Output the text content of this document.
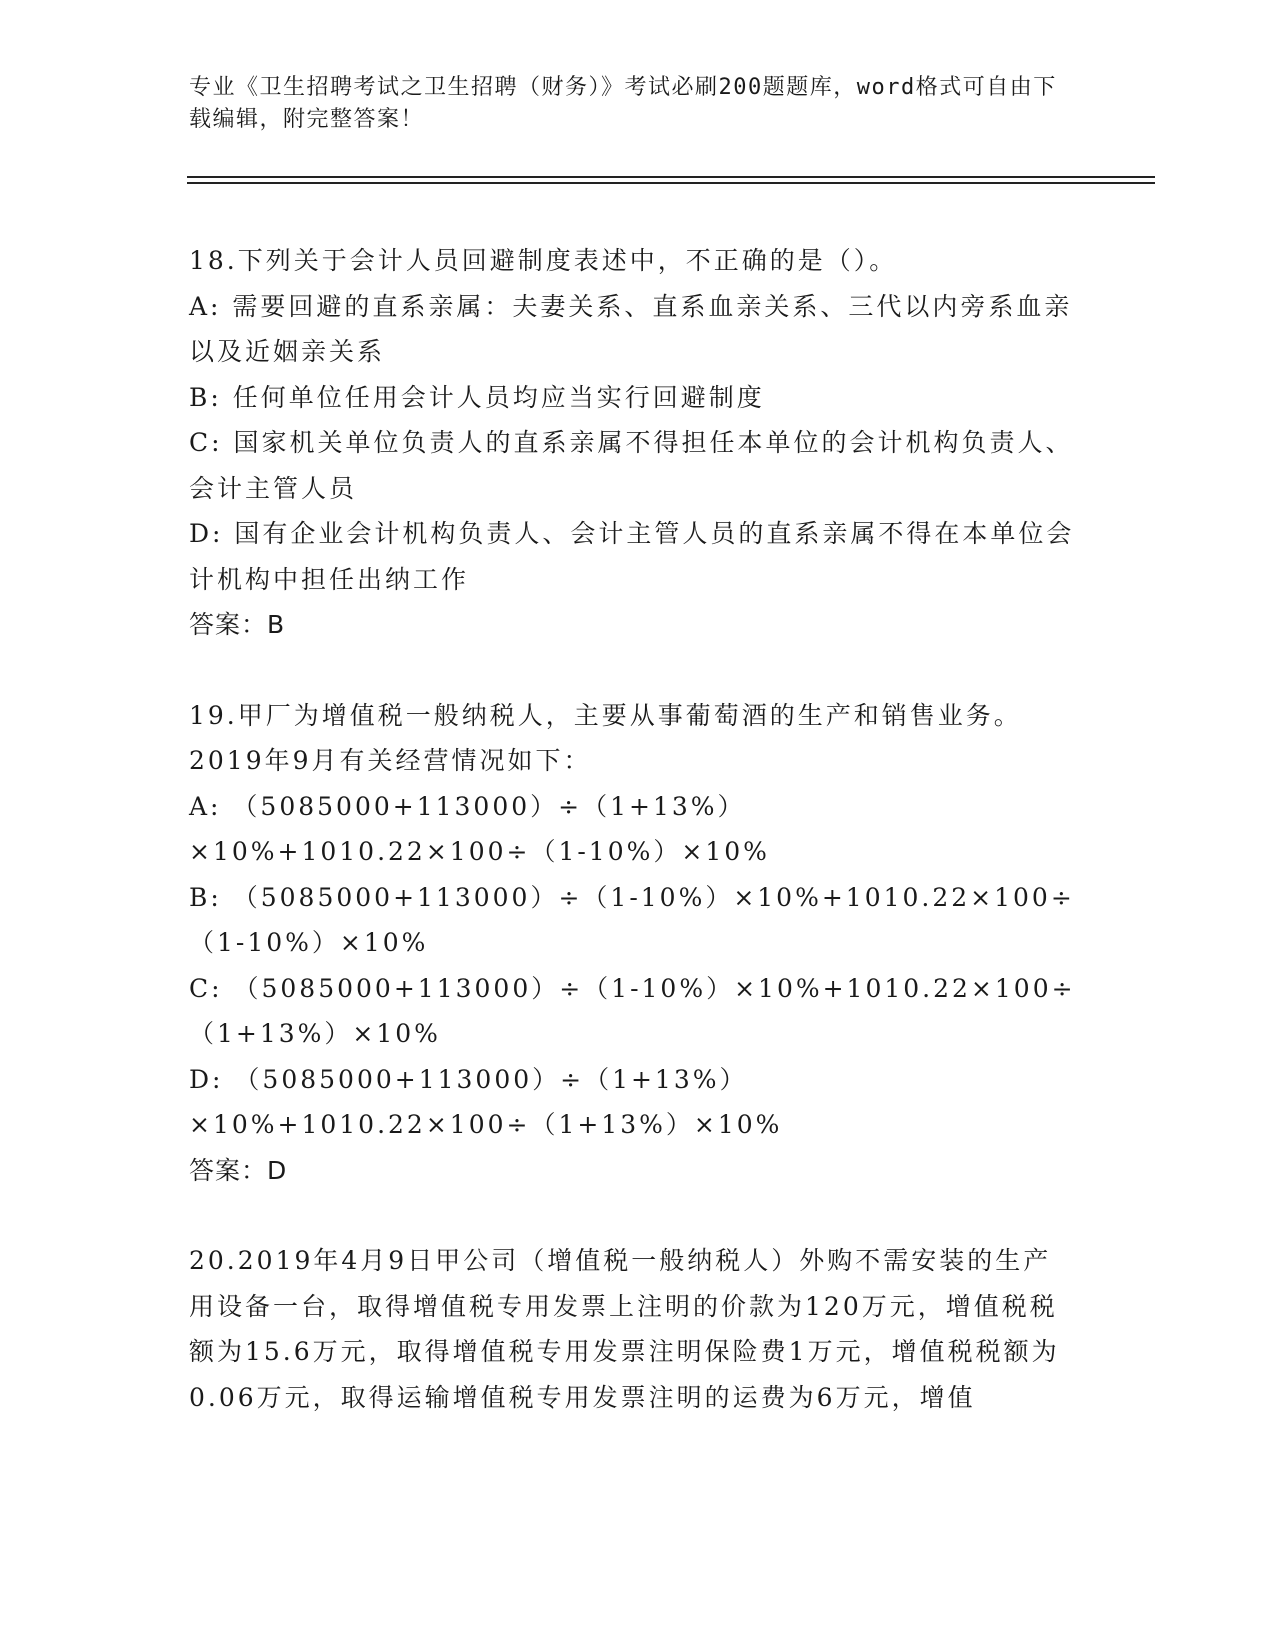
专业《卫生招聘考试之卫生招聘（财务）》考试必刷200题题库，word格式可自由下载编辑，附完整答案！

18.下列关于会计人员回避制度表述中，不正确的是（）。

A: 需要回避的直系亲属：夫妻关系、直系血亲关系、三代以内旁系血亲以及近姻亲关系

B: 任何单位任用会计人员均应当实行回避制度

C: 国家机关单位负责人的直系亲属不得担任本单位的会计机构负责人、会计主管人员

D: 国有企业会计机构负责人、会计主管人员的直系亲属不得在本单位会计机构中担任出纳工作

答案：B

19.甲厂为增值税一般纳税人，主要从事葡萄酒的生产和销售业务。2019年9月有关经营情况如下：

A: （5085000+113000）÷（1+13%）×10%+1010.22×100÷（1-10%）×10%

B: （5085000+113000）÷（1-10%）×10%+1010.22×100÷（1-10%）×10%

C: （5085000+113000）÷（1-10%）×10%+1010.22×100÷（1+13%）×10%

D: （5085000+113000）÷（1+13%）×10%+1010.22×100÷（1+13%）×10%

答案：D

20.2019年4月9日甲公司（增值税一般纳税人）外购不需安装的生产用设备一台，取得增值税专用发票上注明的价款为120万元，增值税税额为15.6万元，取得增值税专用发票注明保险费1万元，增值税税额为0.06万元，取得运输增值税专用发票注明的运费为6万元，增值
